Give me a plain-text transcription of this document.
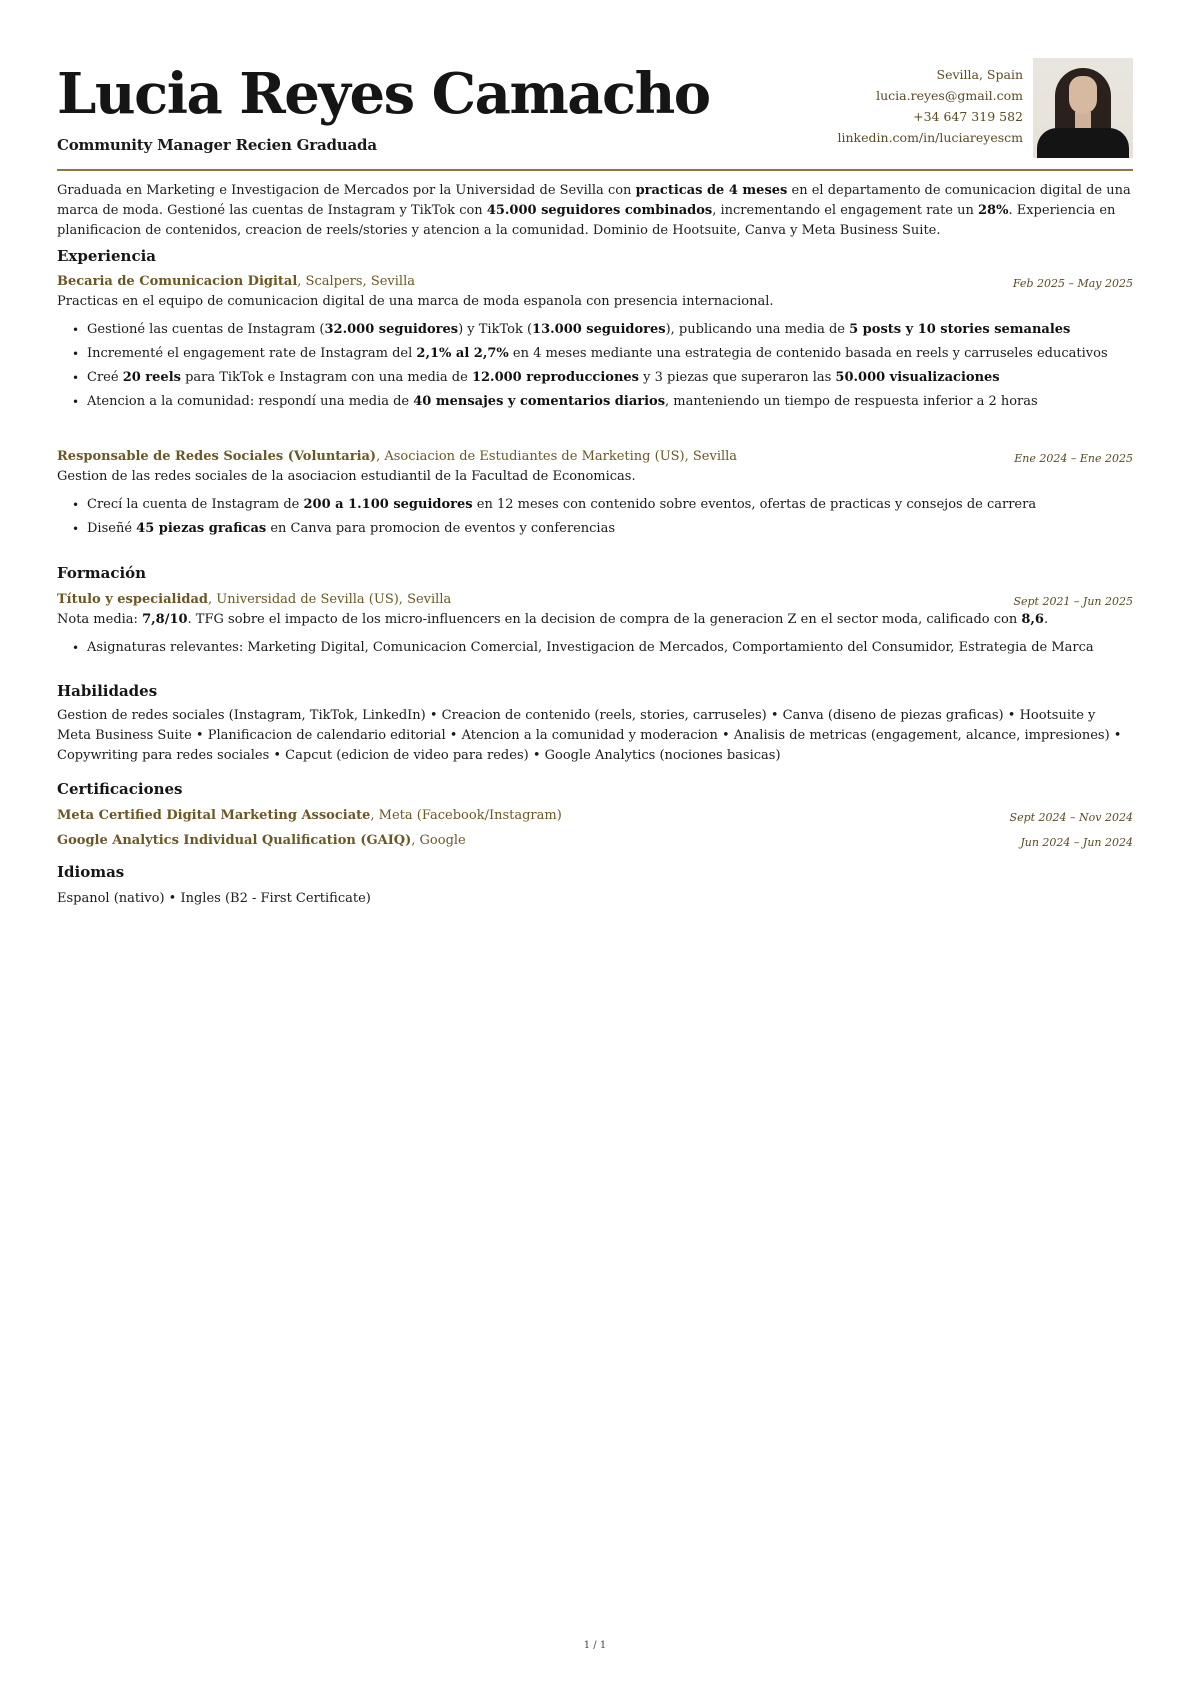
Lucia Reyes Camacho
Community Manager Recien Graduada
Sevilla, Spain
lucia.reyes@gmail.com
+34 647 319 582
linkedin.com/in/luciareyescm
Graduada en Marketing e Investigacion de Mercados por la Universidad de Sevilla con practicas de 4 meses en el departamento de comunicacion digital de una marca de moda. Gestioné las cuentas de Instagram y TikTok con 45.000 seguidores combinados, incrementando el engagement rate un 28%. Experiencia en planificacion de contenidos, creacion de reels/stories y atencion a la comunidad. Dominio de Hootsuite, Canva y Meta Business Suite.
Experiencia
Becaria de Comunicacion Digital, Scalpers, Sevilla	Feb 2025 – May 2025
Practicas en el equipo de comunicacion digital de una marca de moda espanola con presencia internacional.
• Gestioné las cuentas de Instagram (32.000 seguidores) y TikTok (13.000 seguidores), publicando una media de 5 posts y 10 stories semanales
• Incrementé el engagement rate de Instagram del 2,1% al 2,7% en 4 meses mediante una estrategia de contenido basada en reels y carruseles educativos
• Creé 20 reels para TikTok e Instagram con una media de 12.000 reproducciones y 3 piezas que superaron las 50.000 visualizaciones
• Atencion a la comunidad: respondí una media de 40 mensajes y comentarios diarios, manteniendo un tiempo de respuesta inferior a 2 horas
Responsable de Redes Sociales (Voluntaria), Asociacion de Estudiantes de Marketing (US), Sevilla	Ene 2024 – Ene 2025
Gestion de las redes sociales de la asociacion estudiantil de la Facultad de Economicas.
• Crecí la cuenta de Instagram de 200 a 1.100 seguidores en 12 meses con contenido sobre eventos, ofertas de practicas y consejos de carrera
• Diseñé 45 piezas graficas en Canva para promocion de eventos y conferencias
Formación
Título y especialidad, Universidad de Sevilla (US), Sevilla	Sept 2021 – Jun 2025
Nota media: 7,8/10. TFG sobre el impacto de los micro-influencers en la decision de compra de la generacion Z en el sector moda, calificado con 8,6.
• Asignaturas relevantes: Marketing Digital, Comunicacion Comercial, Investigacion de Mercados, Comportamiento del Consumidor, Estrategia de Marca
Habilidades
Gestion de redes sociales (Instagram, TikTok, LinkedIn) • Creacion de contenido (reels, stories, carruseles) • Canva (diseno de piezas graficas) • Hootsuite y Meta Business Suite • Planificacion de calendario editorial • Atencion a la comunidad y moderacion • Analisis de metricas (engagement, alcance, impresiones) • Copywriting para redes sociales • Capcut (edicion de video para redes) • Google Analytics (nociones basicas)
Certificaciones
Meta Certified Digital Marketing Associate, Meta (Facebook/Instagram)	Sept 2024 – Nov 2024
Google Analytics Individual Qualification (GAIQ), Google	Jun 2024 – Jun 2024
Idiomas
Espanol (nativo) • Ingles (B2 - First Certificate)
1 / 1
